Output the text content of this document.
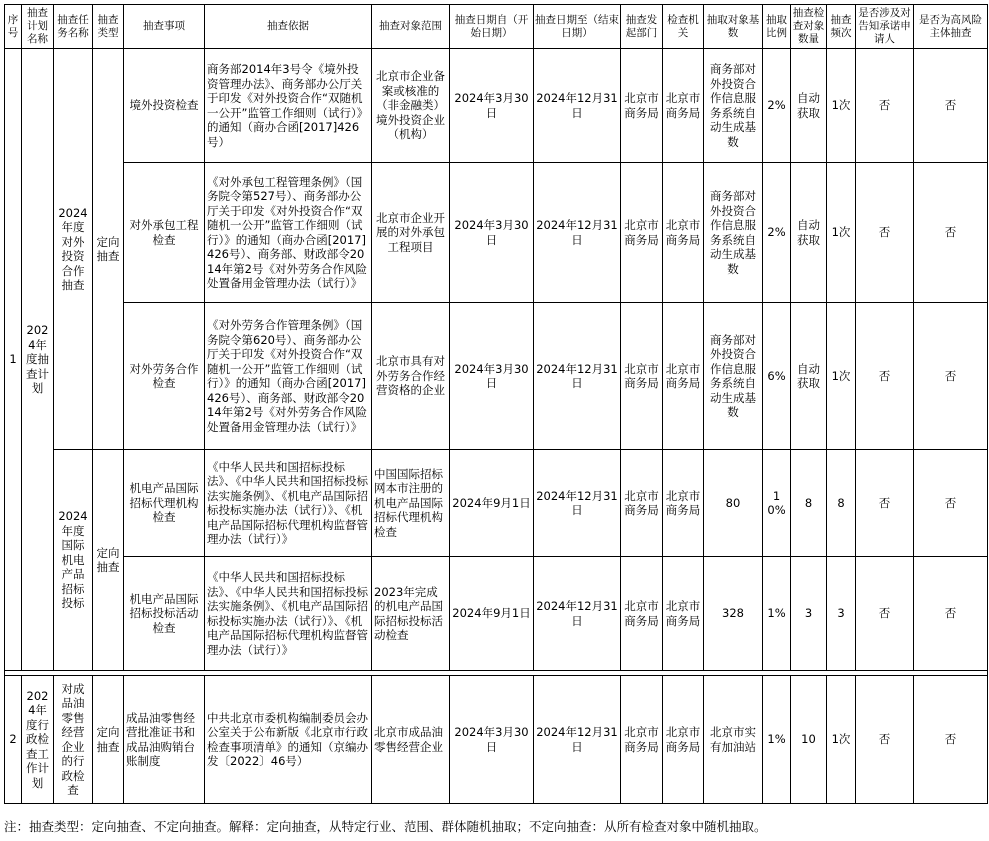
序号	抽查计划名称	抽查任务名称	抽查类型	抽查事项	抽查依据	抽查对象范围	抽查日期自（开始日期）	抽查日期至（结束日期）	抽查发起部门	检查机关	抽取对象基数	抽取比例	抽查检查对象数量	抽查频次	是否涉及对告知承诺申请人	是否为高风险主体抽查
1	2024年度抽查计划	2024年度对外投资合作抽查	定向抽查	境外投资检查	商务部2014年3号令《境外投资管理办法》、商务部办公厅关于印发《对外投资合作“双随机一公开”监管工作细则（试行）》的通知（商办合函[2017]426号）	北京市企业备案或核准的（非金融类）境外投资企业（机构）	2024年3月30日	2024年12月31日	北京市商务局	北京市商务局	商务部对外投资合作信息服务系统自动生成基数	2%	自动获取	1次	否	否
				对外承包工程检查	《对外承包工程管理条例》（国务院令第527号）、商务部办公厅关于印发《对外投资合作“双随机一公开”监管工作细则（试行）》的通知（商办合函[2017]426号）、商务部、财政部令2014年第2号《对外劳务合作风险处置备用金管理办法（试行）》	北京市企业开展的对外承包工程项目	2024年3月30日	2024年12月31日	北京市商务局	北京市商务局	商务部对外投资合作信息服务系统自动生成基数	2%	自动获取	1次	否	否
				对外劳务合作检查	《对外劳务合作管理条例》（国务院令第620号）、商务部办公厅关于印发《对外投资合作“双随机一公开”监管工作细则（试行）》的通知（商办合函[2017]426号）、商务部、财政部令2014年第2号《对外劳务合作风险处置备用金管理办法（试行）》	北京市具有对外劳务合作经营资格的企业	2024年3月30日	2024年12月31日	北京市商务局	北京市商务局	商务部对外投资合作信息服务系统自动生成基数	6%	自动获取	1次	否	否
		2024年度国际机电产品招标投标	定向抽查	机电产品国际招标代理机构检查	《中华人民共和国招标投标法》、《中华人民共和国招标投标法实施条例》、《机电产品国际招标投标实施办法（试行）》、《机电产品国际招标代理机构监督管理办法（试行）》	中国国际招标网本市注册的机电产品国际招标代理机构检查	2024年9月1日	2024年12月31日	北京市商务局	北京市商务局	80	10%	8	8	否	否
				机电产品国际招标投标活动检查	《中华人民共和国招标投标法》、《中华人民共和国招标投标法实施条例》、《机电产品国际招标投标实施办法（试行）》、《机电产品国际招标代理机构监督管理办法（试行）》	2023年完成的机电产品国际招标投标活动检查	2024年9月1日	2024年12月31日	北京市商务局	北京市商务局	328	1%	3	3	否	否

2	2024年度行政检查工作计划	对成品油零售经营企业的行政检查	定向抽查	成品油零售经营批准证书和成品油购销台账制度	中共北京市委机构编制委员会办公室关于公布新版《北京市行政检查事项清单》的通知（京编办发〔2022〕46号）	北京市成品油零售经营企业	2024年3月30日	2024年12月31日	北京市商务局	北京市商务局	北京市实有加油站	1%	10	1次	否	否
注：抽查类型：定向抽查、不定向抽查。解释：定向抽查，从特定行业、范围、群体随机抽取；不定向抽查：从所有检查对象中随机抽取。
